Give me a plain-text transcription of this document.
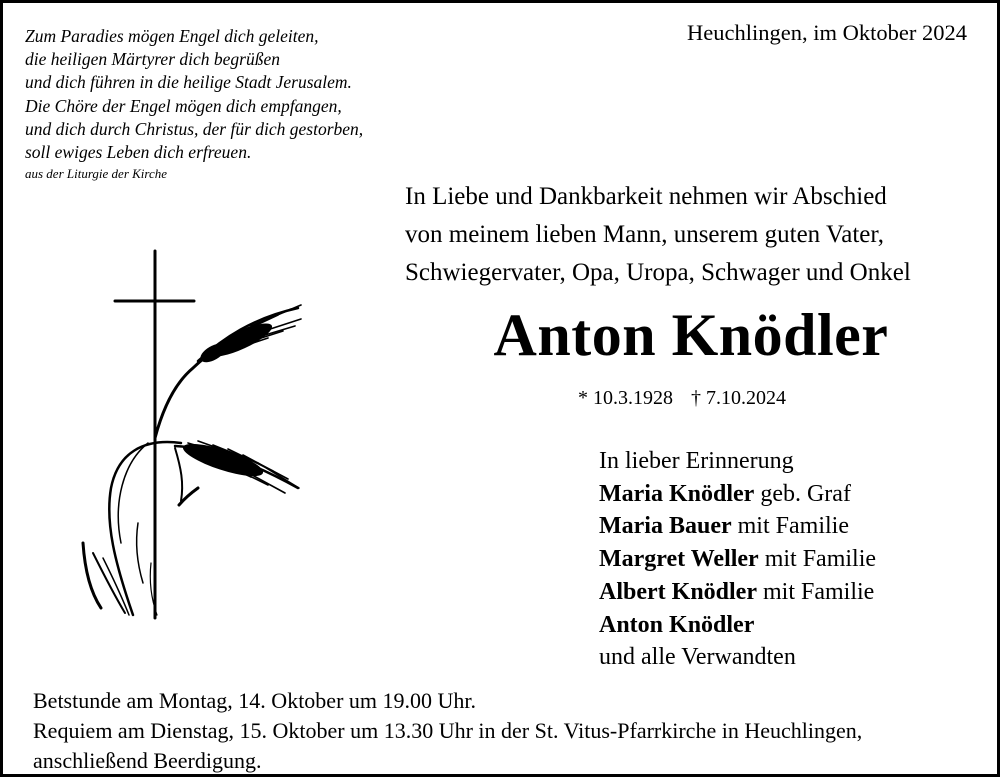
Zum Paradies mögen Engel dich geleiten,
die heiligen Märtyrer dich begrüßen
und dich führen in die heilige Stadt Jerusalem.
Die Chöre der Engel mögen dich empfangen,
und dich durch Christus, der für dich gestorben,
soll ewiges Leben dich erfreuen.
aus der Liturgie der Kirche
Heuchlingen, im Oktober 2024
In Liebe und Dankbarkeit nehmen wir Abschied
von meinem lieben Mann, unserem guten Vater,
Schwiegervater, Opa, Uropa, Schwager und Onkel
Anton Knödler
* 10.3.1928 † 7.10.2024
In lieber Erinnerung
Maria Knödler geb. Graf
Maria Bauer mit Familie
Margret Weller mit Familie
Albert Knödler mit Familie
Anton Knödler
und alle Verwandten
Betstunde am Montag, 14. Oktober um 19.00 Uhr.
Requiem am Dienstag, 15. Oktober um 13.30 Uhr in der St. Vitus-Pfarrkirche in Heuchlingen,
anschließend Beerdigung.
